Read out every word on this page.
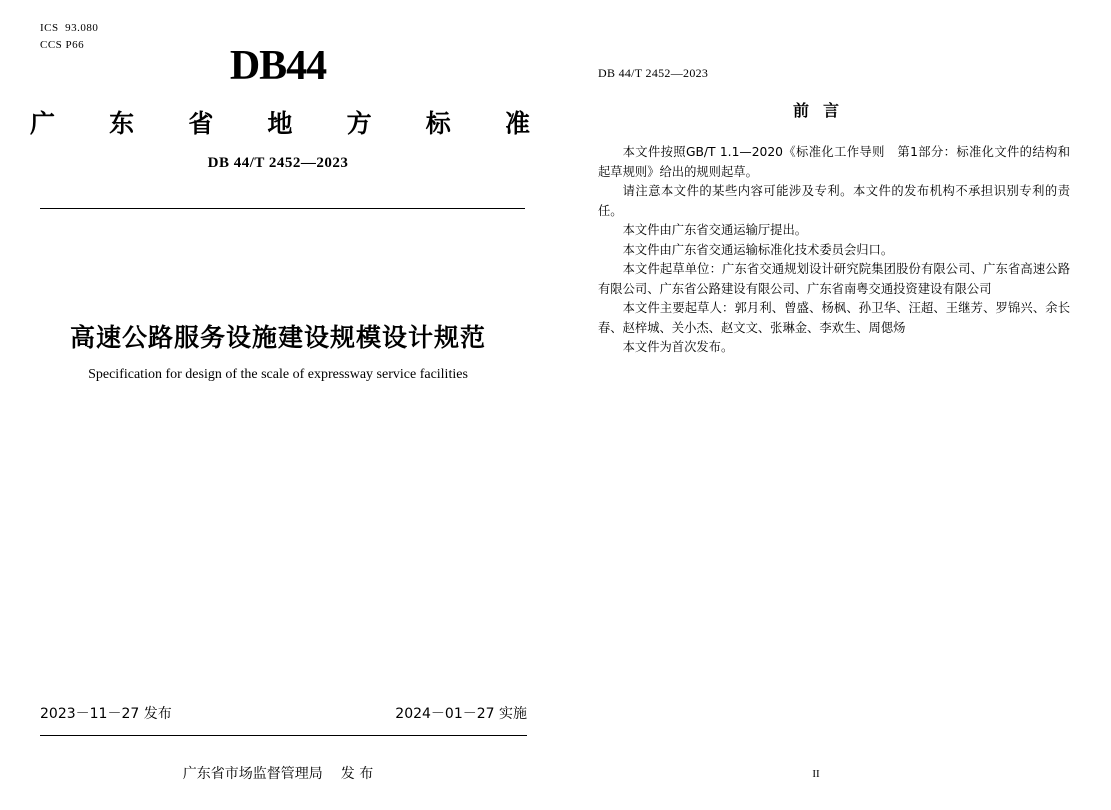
ICS  93.080
CCS P66	DB44
广 东 省 地 方 标 准
DB 44/T 2452—2023
高速公路服务设施建设规模设计规范
Specification for design of the scale of expressway service facilities
2023－11－27 发布	2024－01－27 实施
广东省市场监督管理局 发 布
DB 44/T 2452—2023
前 言

本文件按照GB/T 1.1—2020《标准化工作导则　第1部分：标准化文件的结构和起草规则》给出的规则起草。

请注意本文件的某些内容可能涉及专利。本文件的发布机构不承担识别专利的责任。

本文件由广东省交通运输厅提出。

本文件由广东省交通运输标准化技术委员会归口。

本文件起草单位：广东省交通规划设计研究院集团股份有限公司、广东省高速公路有限公司、广东省公路建设有限公司、广东省南粤交通投资建设有限公司

本文件主要起草人：郭月利、曾盛、杨枫、孙卫华、汪超、王继芳、罗锦兴、余长春、赵梓城、关小杰、赵文文、张琳金、李欢生、周偲炀

本文件为首次发布。

II
